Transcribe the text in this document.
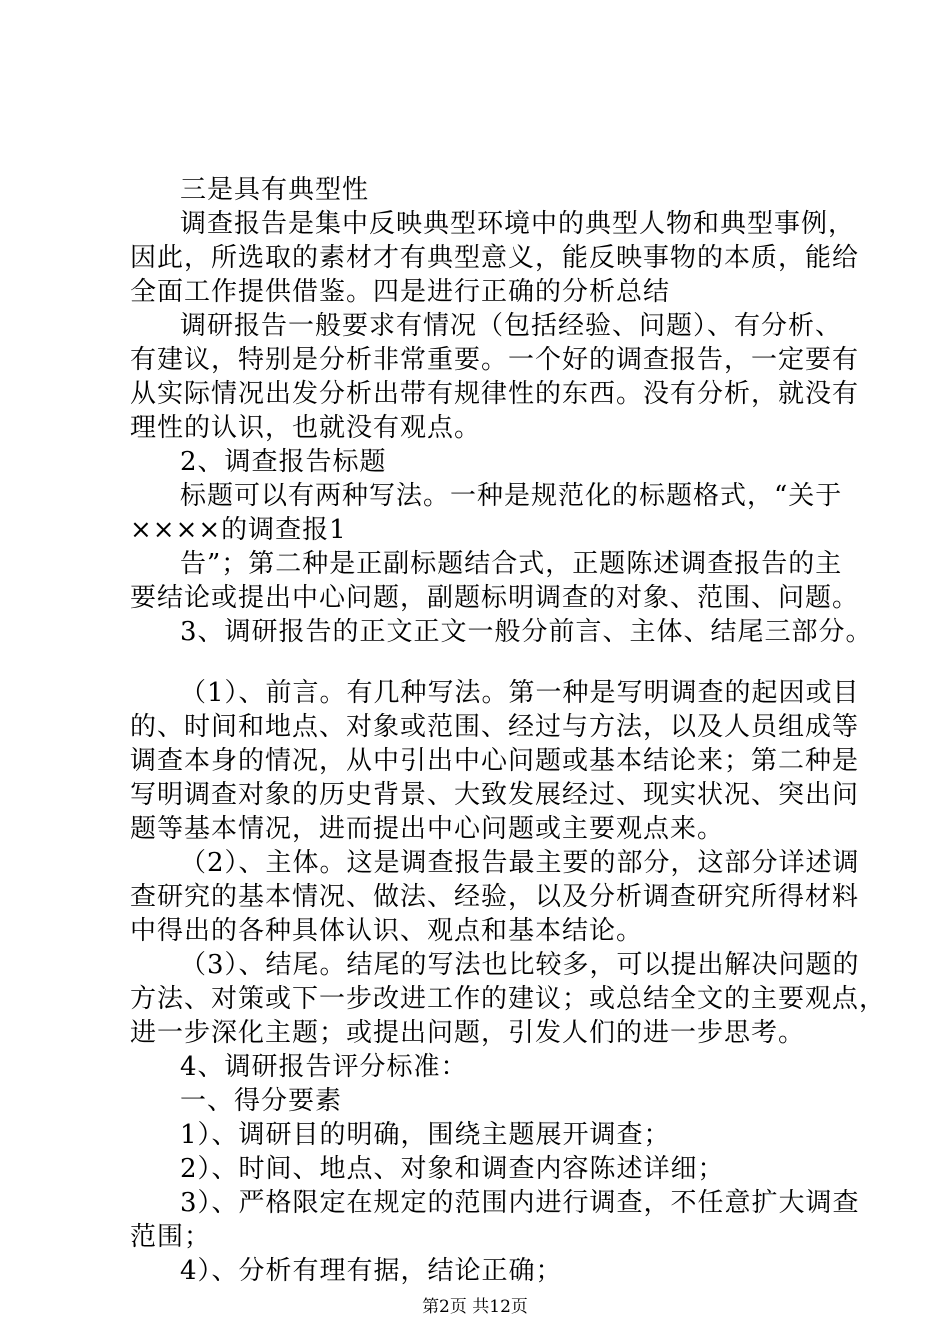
三是具有典型性
调查报告是集中反映典型环境中的典型人物和典型事例，
因此，所选取的素材才有典型意义，能反映事物的本质，能给
全面工作提供借鉴。四是进行正确的分析总结
调研报告一般要求有情况（包括经验、问题）、有分析、
有建议，特别是分析非常重要。一个好的调查报告，一定要有
从实际情况出发分析出带有规律性的东西。没有分析，就没有
理性的认识，也就没有观点。
2、调查报告标题
标题可以有两种写法。一种是规范化的标题格式，“关于
××××的调查报1
告”；第二种是正副标题结合式，正题陈述调查报告的主
要结论或提出中心问题，副题标明调查的对象、范围、问题。
3、调研报告的正文正文一般分前言、主体、结尾三部分。
（1）、前言。有几种写法。第一种是写明调查的起因或目
的、时间和地点、对象或范围、经过与方法，以及人员组成等
调查本身的情况，从中引出中心问题或基本结论来；第二种是
写明调查对象的历史背景、大致发展经过、现实状况、突出问
题等基本情况，进而提出中心问题或主要观点来。
（2）、主体。这是调查报告最主要的部分，这部分详述调
查研究的基本情况、做法、经验，以及分析调查研究所得材料
中得出的各种具体认识、观点和基本结论。
（3）、结尾。结尾的写法也比较多，可以提出解决问题的
方法、对策或下一步改进工作的建议；或总结全文的主要观点，
进一步深化主题；或提出问题，引发人们的进一步思考。
4、调研报告评分标准：
一、得分要素
1）、调研目的明确，围绕主题展开调查；
2）、时间、地点、对象和调查内容陈述详细；
3）、严格限定在规定的范围内进行调查，不任意扩大调查
范围；
4）、分析有理有据，结论正确；
第2页 共12页
